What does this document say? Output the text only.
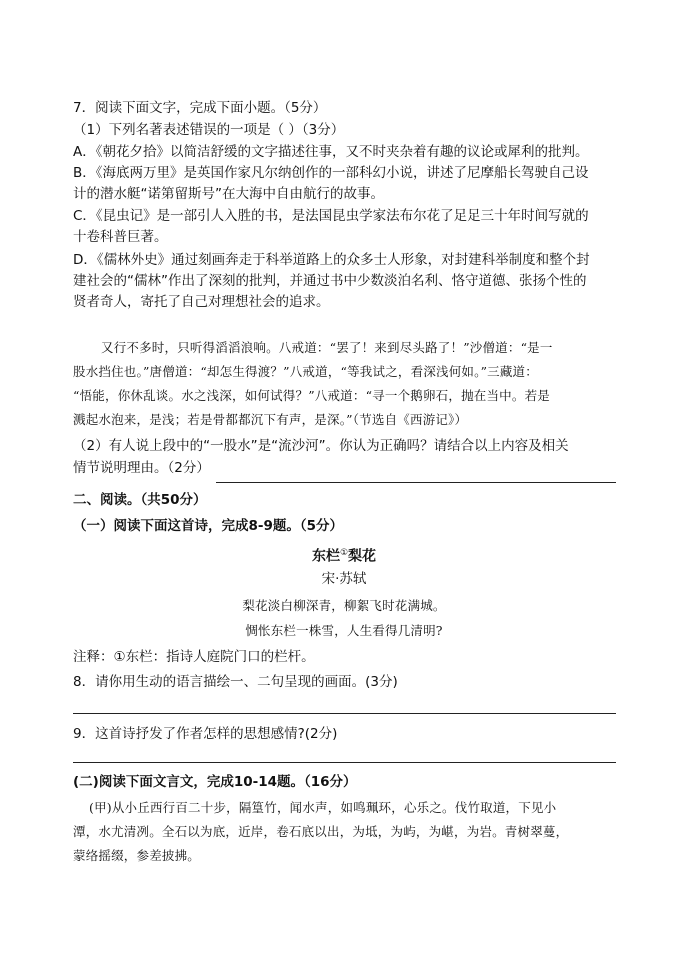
7．阅读下面文字，完成下面小题。（5分）
（1）下列名著表述错误的一项是（ ）（3分）
A．《朝花夕拾》以简洁舒缓的文字描述往事，又不时夹杂着有趣的议论或犀利的批判。
B．《海底两万里》是英国作家凡尔纳创作的一部科幻小说，讲述了尼摩船长驾驶自己设
计的潜水艇“诺第留斯号”在大海中自由航行的故事。
C．《昆虫记》是一部引人入胜的书，是法国昆虫学家法布尔花了足足三十年时间写就的
十卷科普巨著。
D．《儒林外史》通过刻画奔走于科举道路上的众多士人形象，对封建科举制度和整个封
建社会的“儒林”作出了深刻的批判，并通过书中少数淡泊名利、恪守道德、张扬个性的
贤者奇人，寄托了自己对理想社会的追求。
又行不多时，只听得滔滔浪响。八戒道：“罢了！来到尽头路了！”沙僧道：“是一
股水挡住也。”唐僧道：“却怎生得渡？”八戒道，“等我试之，看深浅何如。”三藏道：
“悟能，你休乱谈。水之浅深，如何试得？”八戒道：“寻一个鹅卵石，抛在当中。若是
溅起水泡来，是浅；若是骨都都沉下有声，是深。”（节选自《西游记》）
（2）有人说上段中的“一股水”是“流沙河”。你认为正确吗？请结合以上内容及相关
情节说明理由。（2分）
二、阅读。（共50分）
（一）阅读下面这首诗，完成8-9题。（5分）
东栏①梨花
宋·苏轼
梨花淡白柳深青，柳絮飞时花满城。
惆怅东栏一株雪，人生看得几清明?
注释：①东栏：指诗人庭院门口的栏杆。
8．请你用生动的语言描绘一、二句呈现的画面。(3分)
9．这首诗抒发了作者怎样的思想感情?(2分)
(二)阅读下面文言文，完成10-14题。（16分）
(甲)从小丘西行百二十步，隔篁竹，闻水声，如鸣珮环，心乐之。伐竹取道，下见小
潭，水尤清冽。全石以为底，近岸，卷石底以出，为坻，为屿，为嵁，为岩。青树翠蔓，
蒙络摇缀，参差披拂。
